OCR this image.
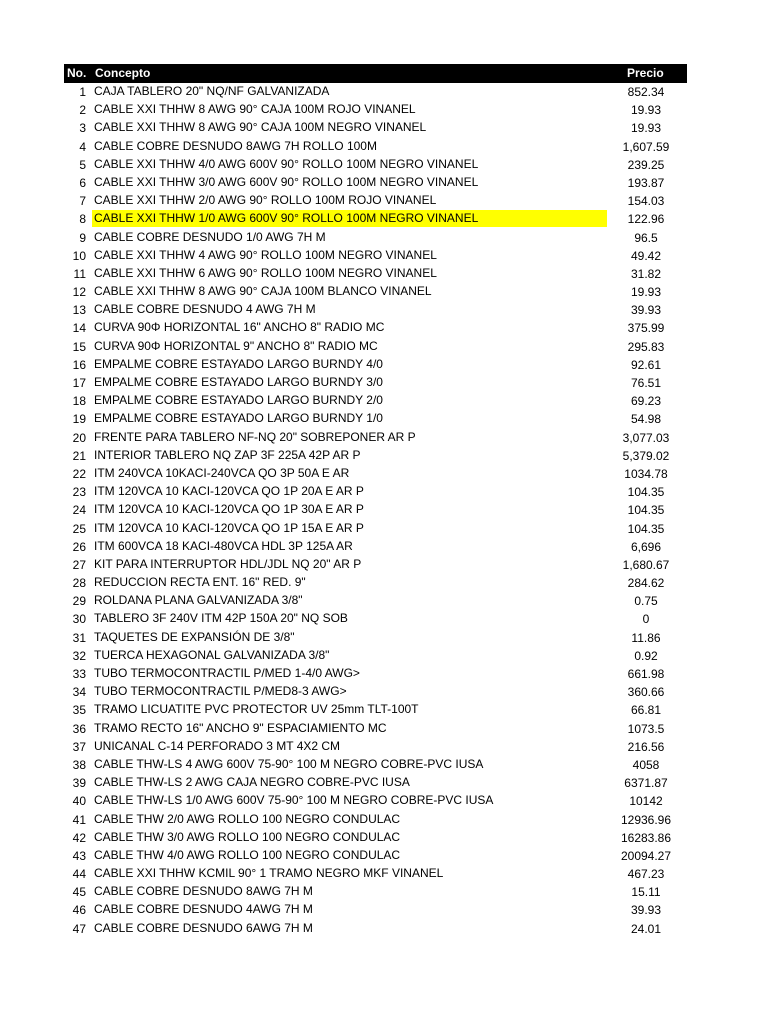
No. Concepto	Precio
1 CAJA TABLERO 20" NQ/NF GALVANIZADA	852.34
2 CABLE XXI THHW 8 AWG 90° CAJA 100M ROJO VINANEL	19.93
3 CABLE XXI THHW 8 AWG 90° CAJA 100M NEGRO VINANEL	19.93
4 CABLE COBRE DESNUDO 8AWG 7H ROLLO 100M	1,607.59
5 CABLE XXI THHW 4/0 AWG 600V 90° ROLLO 100M NEGRO VINANEL	239.25
6 CABLE XXI THHW 3/0 AWG 600V 90° ROLLO 100M NEGRO VINANEL	193.87
7 CABLE XXI THHW 2/0 AWG 90° ROLLO 100M ROJO VINANEL	154.03
8 CABLE XXI THHW 1/0 AWG 600V 90° ROLLO 100M NEGRO VINANEL	122.96
9 CABLE COBRE DESNUDO 1/0 AWG 7H M	96.5
10 CABLE XXI THHW 4 AWG 90° ROLLO 100M NEGRO VINANEL	49.42
11 CABLE XXI THHW 6 AWG 90° ROLLO 100M NEGRO VINANEL	31.82
12 CABLE XXI THHW 8 AWG 90° CAJA 100M BLANCO VINANEL	19.93
13 CABLE COBRE DESNUDO 4 AWG 7H M	39.93
14 CURVA 90Φ HORIZONTAL 16" ANCHO 8" RADIO MC	375.99
15 CURVA 90Φ HORIZONTAL 9" ANCHO 8" RADIO MC	295.83
16 EMPALME COBRE ESTAYADO LARGO BURNDY 4/0	92.61
17 EMPALME COBRE ESTAYADO LARGO BURNDY 3/0	76.51
18 EMPALME COBRE ESTAYADO LARGO BURNDY 2/0	69.23
19 EMPALME COBRE ESTAYADO LARGO BURNDY 1/0	54.98
20 FRENTE PARA TABLERO NF-NQ 20" SOBREPONER AR P	3,077.03
21 INTERIOR TABLERO NQ ZAP 3F 225A 42P AR P	5,379.02
22 ITM 240VCA 10KACI-240VCA QO 3P 50A E AR	1034.78
23 ITM 120VCA 10 KACI-120VCA QO 1P 20A E AR P	104.35
24 ITM 120VCA 10 KACI-120VCA QO 1P 30A E AR P	104.35
25 ITM 120VCA 10 KACI-120VCA QO 1P 15A E AR P	104.35
26 ITM 600VCA 18 KACI-480VCA HDL 3P 125A AR	6,696
27 KIT PARA INTERRUPTOR HDL/JDL NQ 20" AR P	1,680.67
28 REDUCCION RECTA ENT. 16" RED. 9"	284.62
29 ROLDANA PLANA GALVANIZADA 3/8"	0.75
30 TABLERO 3F 240V ITM 42P 150A 20" NQ SOB	0
31 TAQUETES DE EXPANSIÓN DE 3/8"	11.86
32 TUERCA HEXAGONAL GALVANIZADA 3/8"	0.92
33 TUBO TERMOCONTRACTIL P/MED 1-4/0 AWG>	661.98
34 TUBO TERMOCONTRACTIL P/MED8-3 AWG>	360.66
35 TRAMO LICUATITE PVC PROTECTOR UV 25mm TLT-100T	66.81
36 TRAMO RECTO 16" ANCHO 9" ESPACIAMIENTO MC	1073.5
37 UNICANAL C-14 PERFORADO 3 MT 4X2 CM	216.56
38 CABLE THW-LS 4 AWG 600V 75-90° 100 M NEGRO COBRE-PVC IUSA	4058
39 CABLE THW-LS 2 AWG CAJA NEGRO COBRE-PVC IUSA	6371.87
40 CABLE THW-LS 1/0 AWG 600V 75-90° 100 M NEGRO COBRE-PVC IUSA	10142
41 CABLE THW 2/0 AWG ROLLO 100 NEGRO CONDULAC	12936.96
42 CABLE THW 3/0 AWG ROLLO 100 NEGRO CONDULAC	16283.86
43 CABLE THW 4/0 AWG ROLLO 100 NEGRO CONDULAC	20094.27
44 CABLE XXI THHW KCMIL 90° 1 TRAMO NEGRO MKF VINANEL	467.23
45 CABLE COBRE DESNUDO 8AWG 7H M	15.11
46 CABLE COBRE DESNUDO 4AWG 7H M	39.93
47 CABLE COBRE DESNUDO 6AWG 7H M	24.01
